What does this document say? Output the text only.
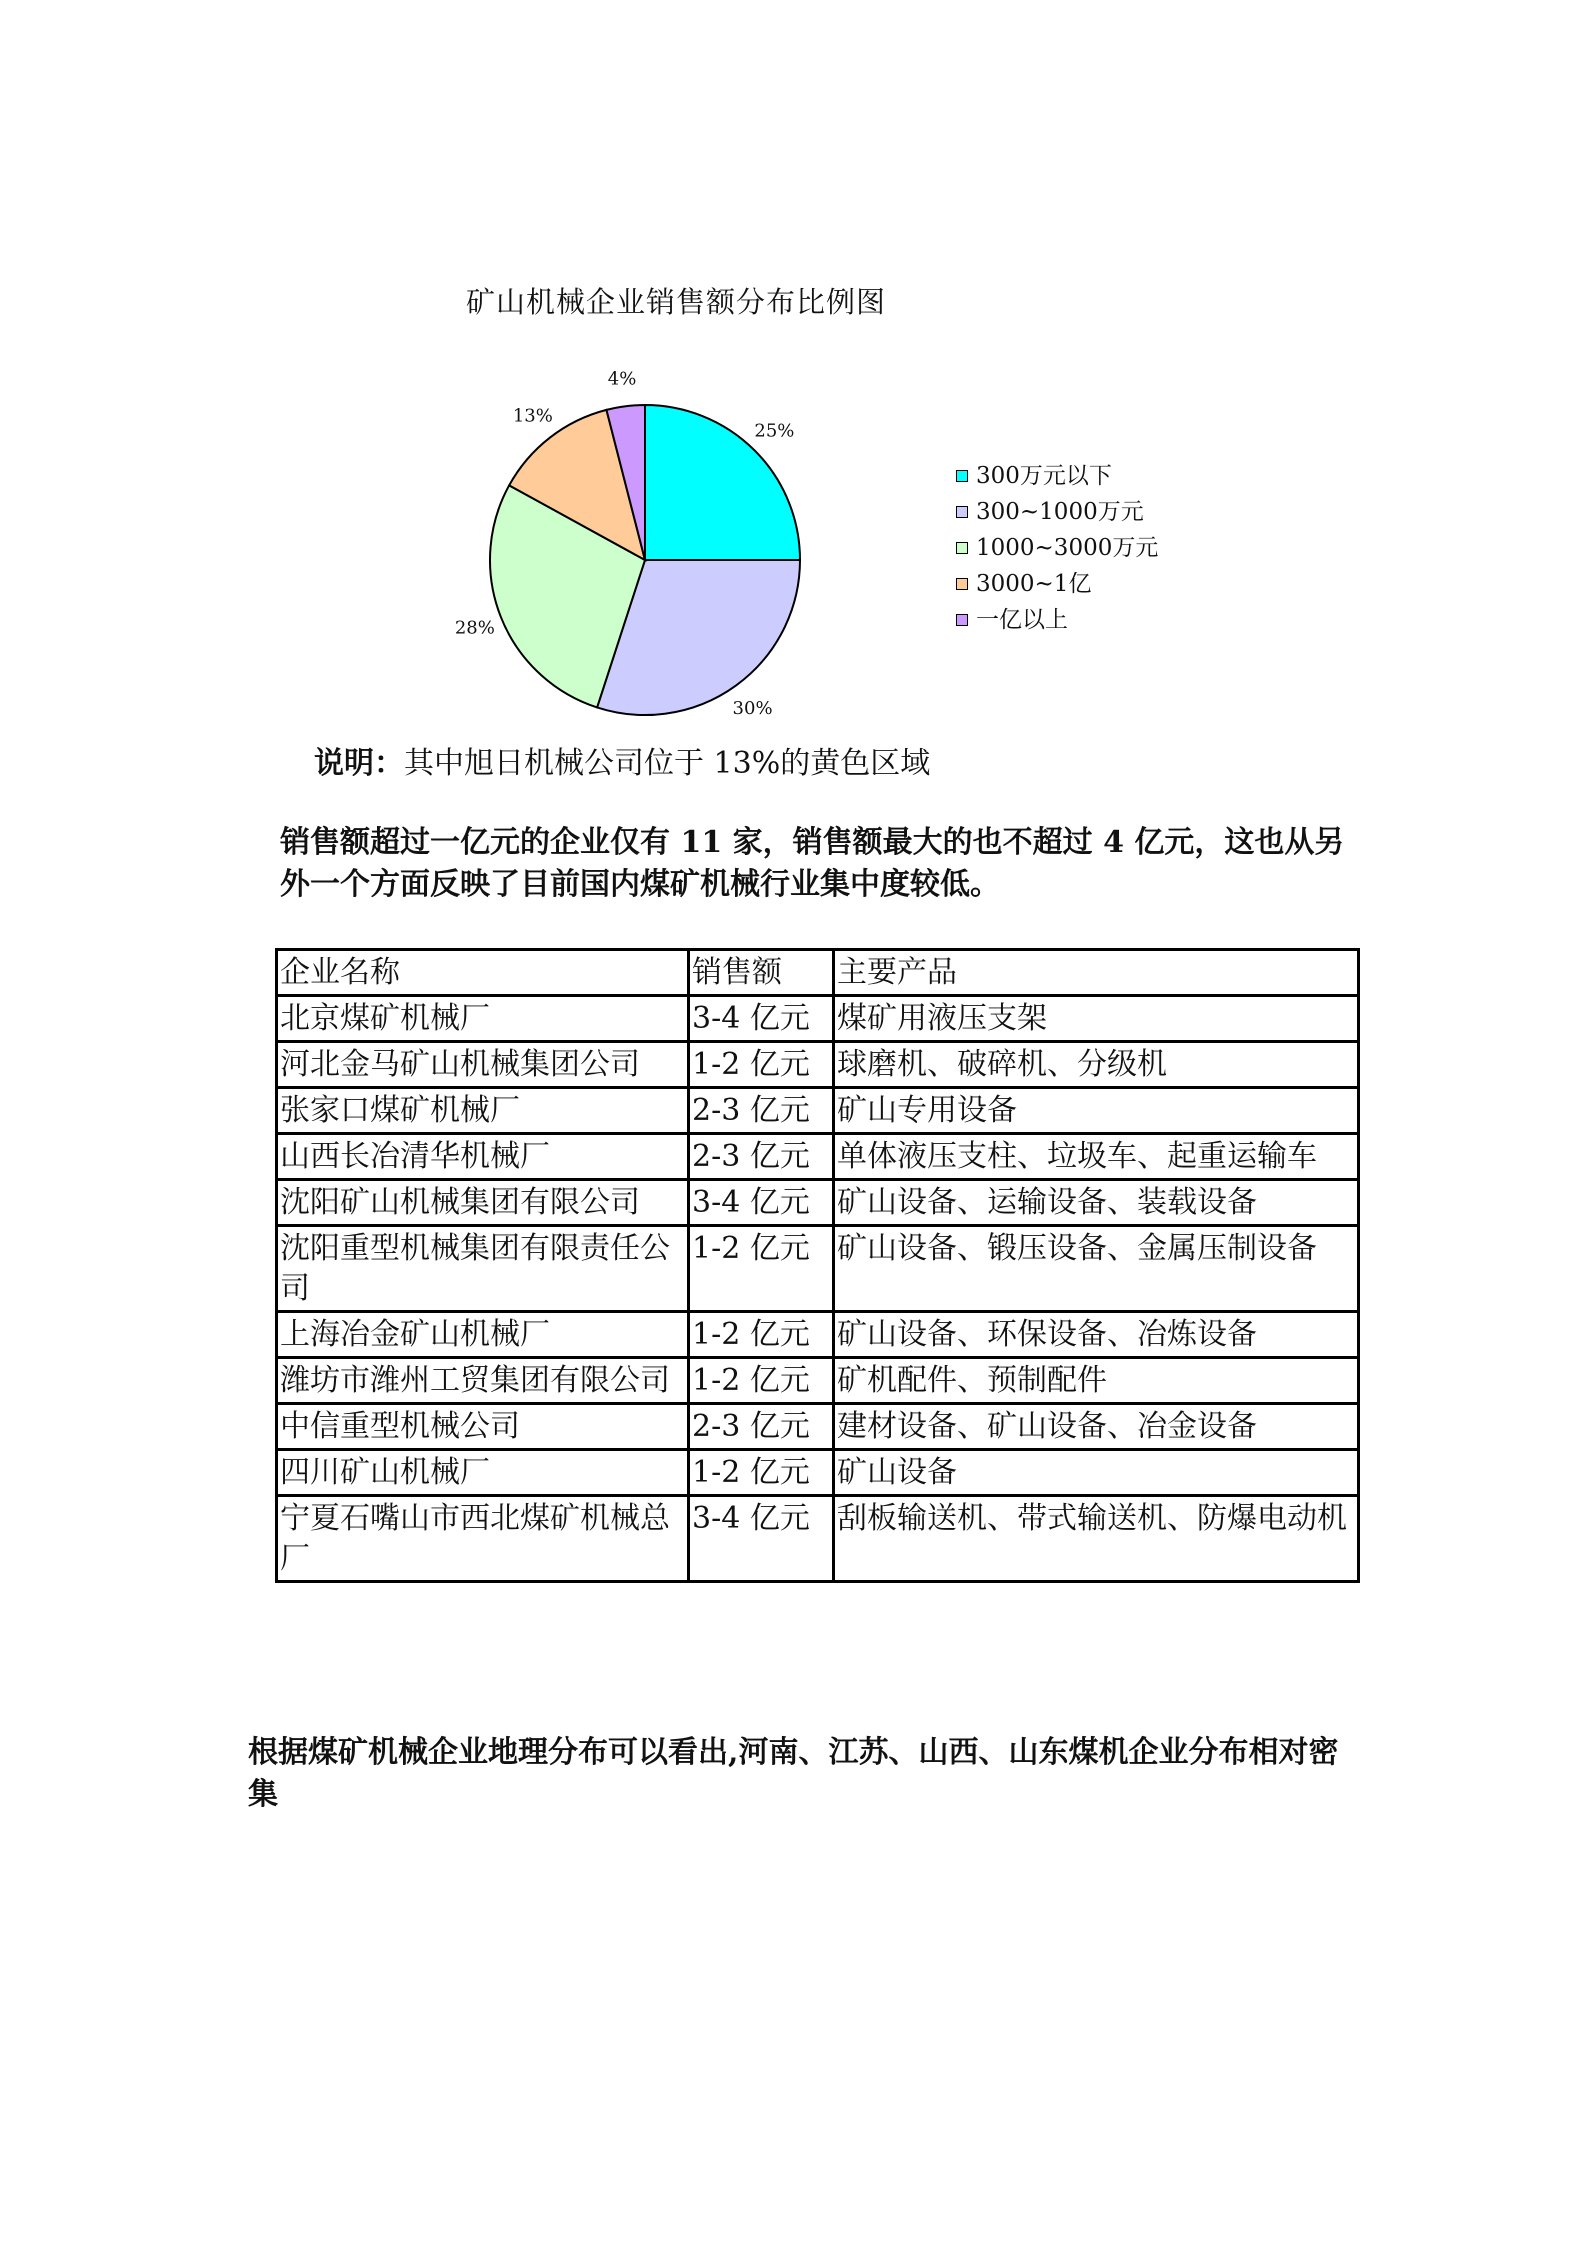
矿山机械企业销售额分布比例图
25%
30%
28%
13%
4%
300万元以下
300~1000万元
1000~3000万元
3000~1亿
一亿以上
说明：其中旭日机械公司位于 13%的黄色区域
销售额超过一亿元的企业仅有 11 家，销售额最大的也不超过 4 亿元，这也从另外一个方面反映了目前国内煤矿机械行业集中度较低。
企业名称	销售额	主要产品
北京煤矿机械厂	3-4 亿元	煤矿用液压支架
河北金马矿山机械集团公司	1-2 亿元	球磨机、破碎机、分级机
张家口煤矿机械厂	2-3 亿元	矿山专用设备
山西长冶清华机械厂	2-3 亿元	单体液压支柱、垃圾车、起重运输车
沈阳矿山机械集团有限公司	3-4 亿元	矿山设备、运输设备、装载设备
沈阳重型机械集团有限责任公司	1-2 亿元	矿山设备、锻压设备、金属压制设备
上海冶金矿山机械厂	1-2 亿元	矿山设备、环保设备、冶炼设备
潍坊市潍州工贸集团有限公司	1-2 亿元	矿机配件、预制配件
中信重型机械公司	2-3 亿元	建材设备、矿山设备、冶金设备
四川矿山机械厂	1-2 亿元	矿山设备
宁夏石嘴山市西北煤矿机械总厂	3-4 亿元	刮板输送机、带式输送机、防爆电动机
根据煤矿机械企业地理分布可以看出,河南、江苏、山西、山东煤机企业分布相对密集
